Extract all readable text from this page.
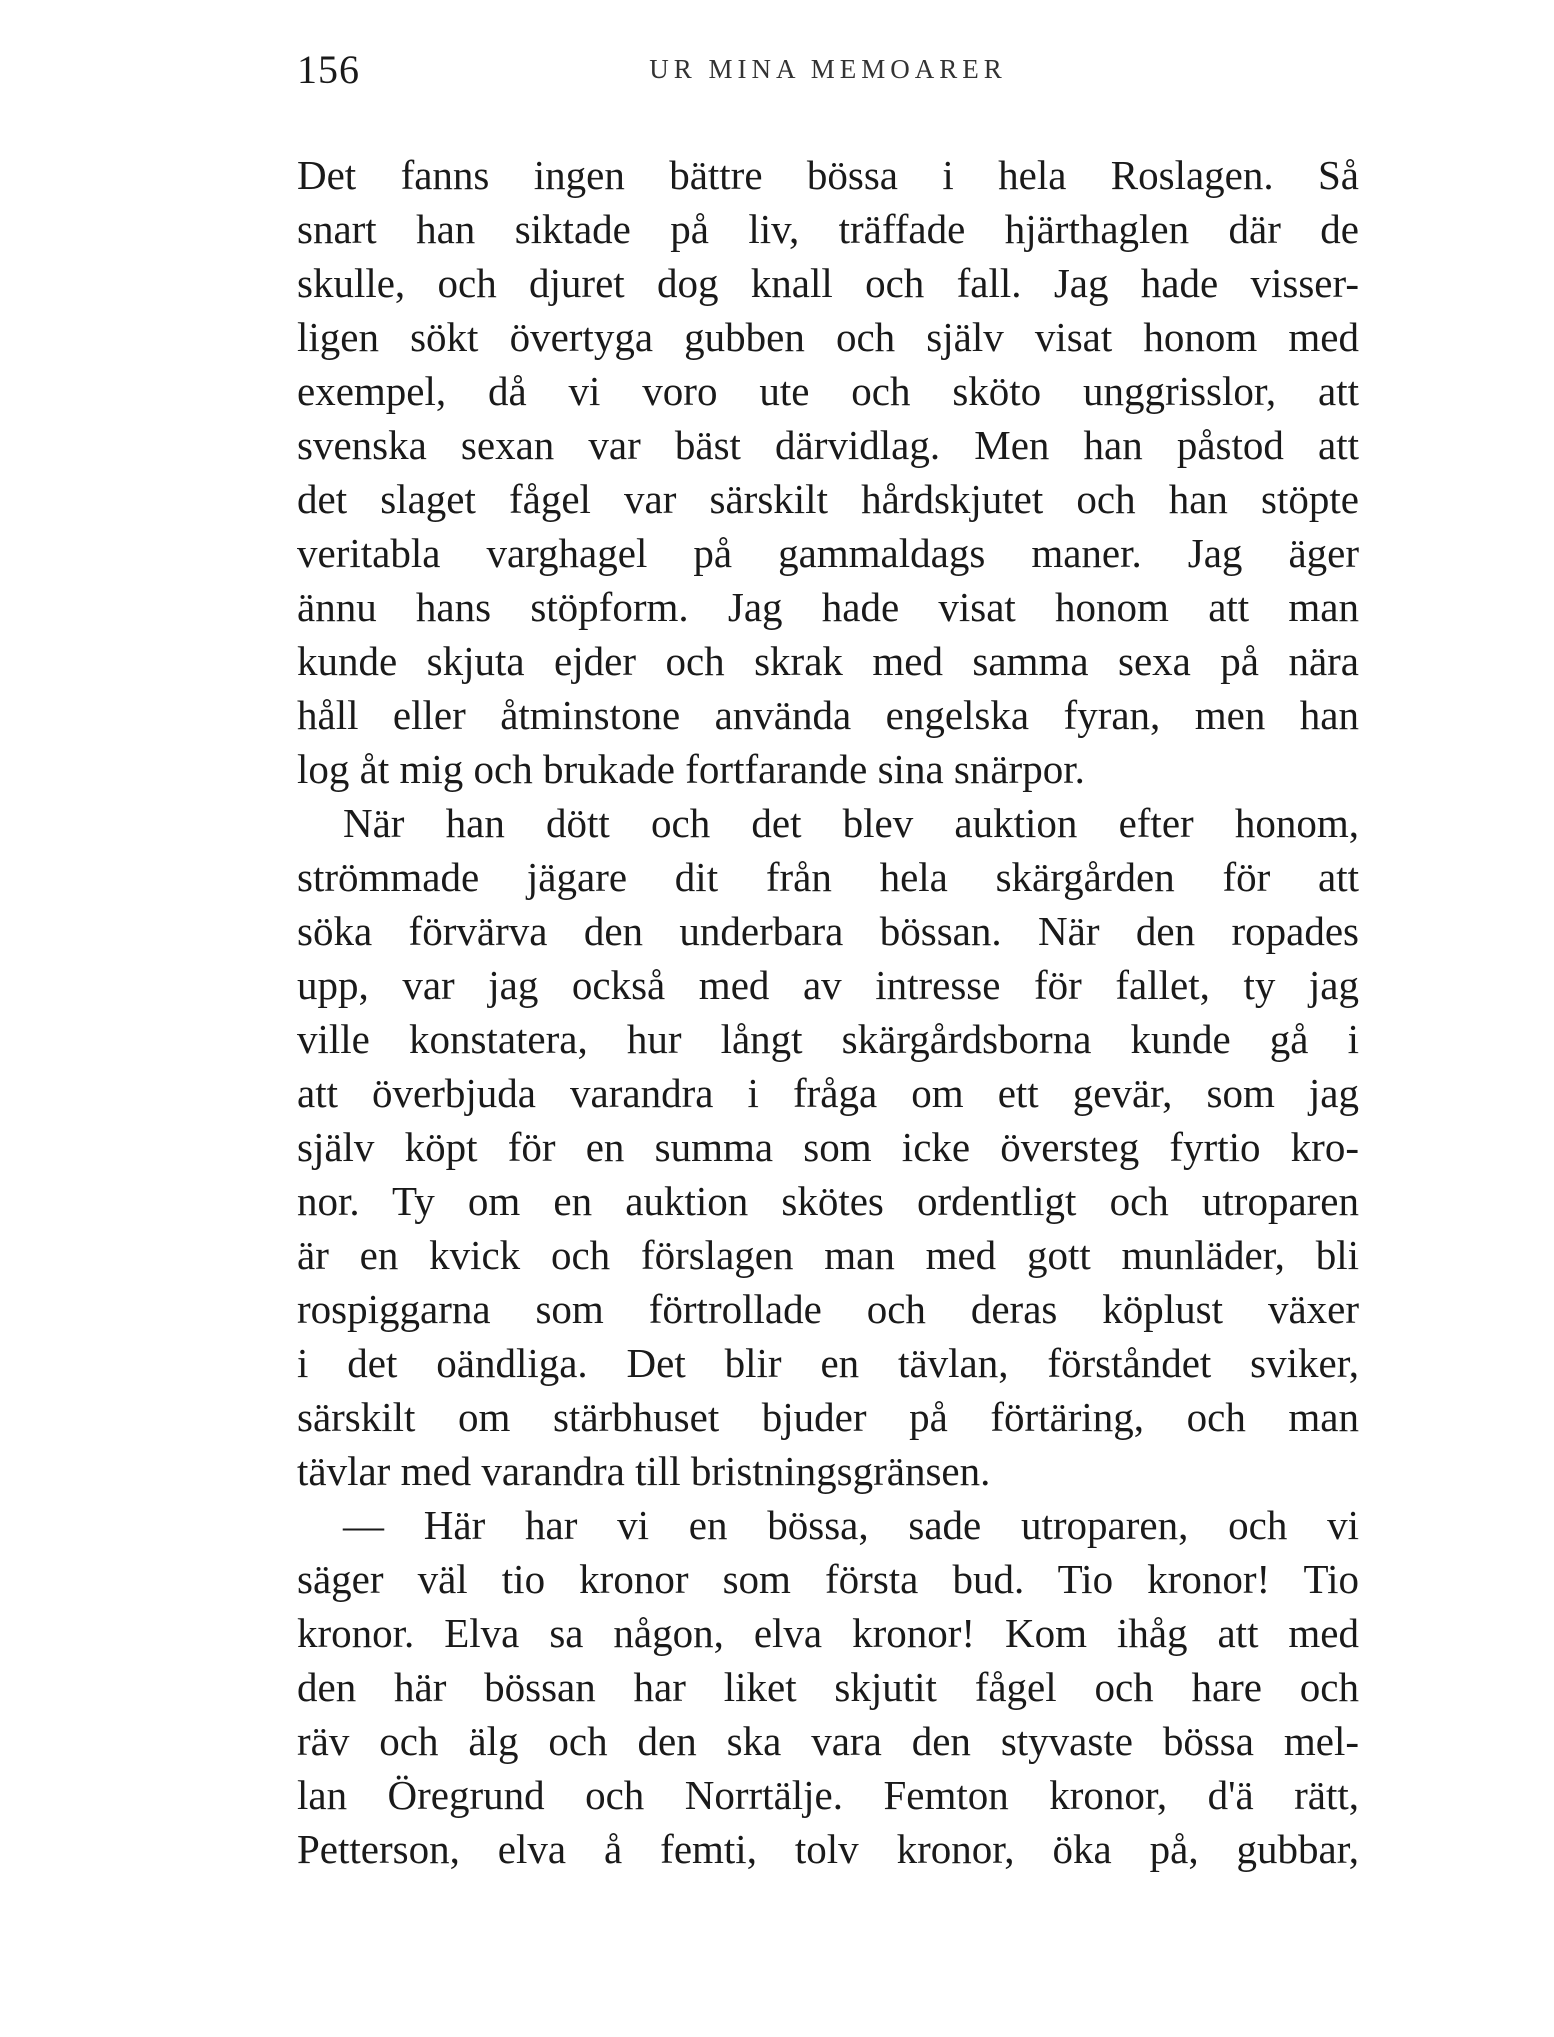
156	UR MINA MEMOARER
Det fanns ingen bättre bössa i hela Roslagen. Så
snart han siktade på liv, träffade hjärthaglen där de
skulle, och djuret dog knall och fall. Jag hade visser-
ligen sökt övertyga gubben och själv visat honom med
exempel, då vi voro ute och sköto unggrisslor, att
svenska sexan var bäst därvidlag. Men han påstod att
det slaget fågel var särskilt hårdskjutet och han stöpte
veritabla varghagel på gammaldags maner. Jag äger
ännu hans stöpform. Jag hade visat honom att man
kunde skjuta ejder och skrak med samma sexa på nära
håll eller åtminstone använda engelska fyran, men han
log åt mig och brukade fortfarande sina snärpor.
När han dött och det blev auktion efter honom,
strömmade jägare dit från hela skärgården för att
söka förvärva den underbara bössan. När den ropades
upp, var jag också med av intresse för fallet, ty jag
ville konstatera, hur långt skärgårdsborna kunde gå i
att överbjuda varandra i fråga om ett gevär, som jag
själv köpt för en summa som icke översteg fyrtio kro-
nor. Ty om en auktion skötes ordentligt och utroparen
är en kvick och förslagen man med gott munläder, bli
rospiggarna som förtrollade och deras köplust växer
i det oändliga. Det blir en tävlan, förståndet sviker,
särskilt om stärbhuset bjuder på förtäring, och man
tävlar med varandra till bristningsgränsen.
— Här har vi en bössa, sade utroparen, och vi
säger väl tio kronor som första bud. Tio kronor! Tio
kronor. Elva sa någon, elva kronor! Kom ihåg att med
den här bössan har liket skjutit fågel och hare och
räv och älg och den ska vara den styvaste bössa mel-
lan Öregrund och Norrtälje. Femton kronor, d'ä rätt,
Petterson, elva å femti, tolv kronor, öka på, gubbar,
